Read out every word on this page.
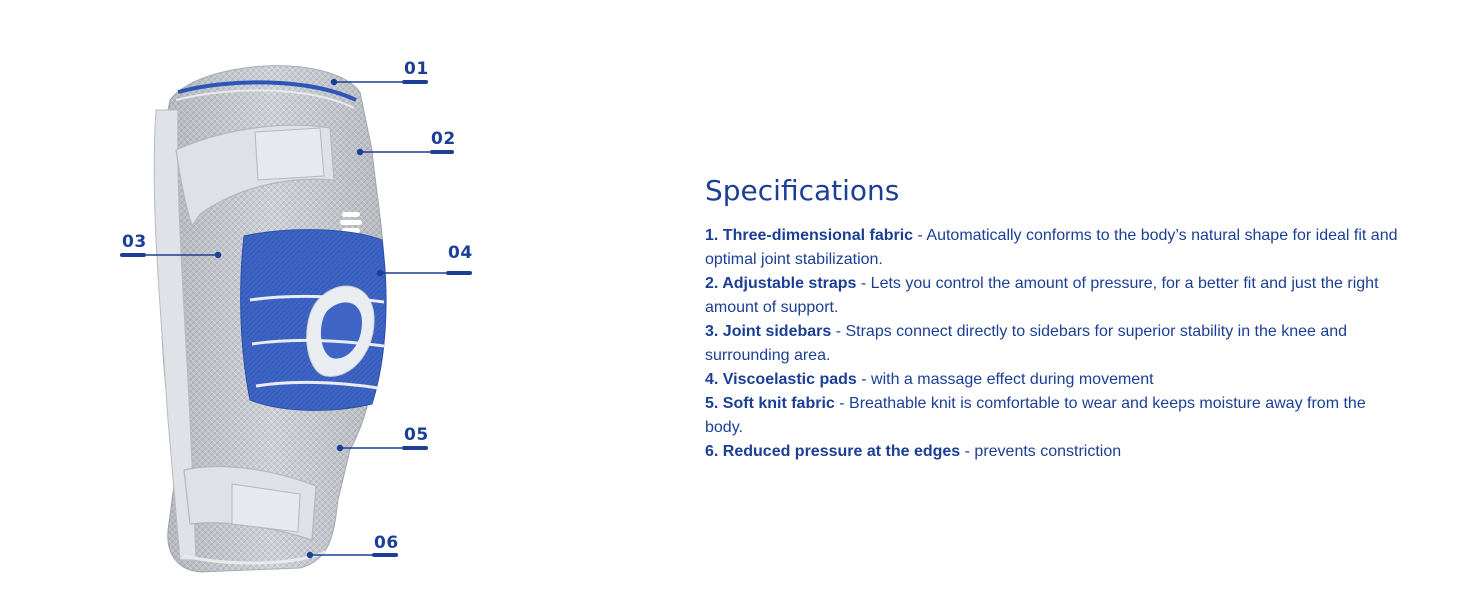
01
02
03
04
05
06
Specifications
1. Three-dimensional fabric - Automatically conforms to the body’s natural shape for ideal fit and optimal joint stabilization.
2. Adjustable straps - Lets you control the amount of pressure, for a better fit and just the right amount of support.
3. Joint sidebars - Straps connect directly to sidebars for superior stability in the knee and surrounding area.
4. Viscoelastic pads - with a massage effect during movement
5. Soft knit fabric - Breathable knit is comfortable to wear and keeps moisture away from the body.
6. Reduced pressure at the edges - prevents constriction
